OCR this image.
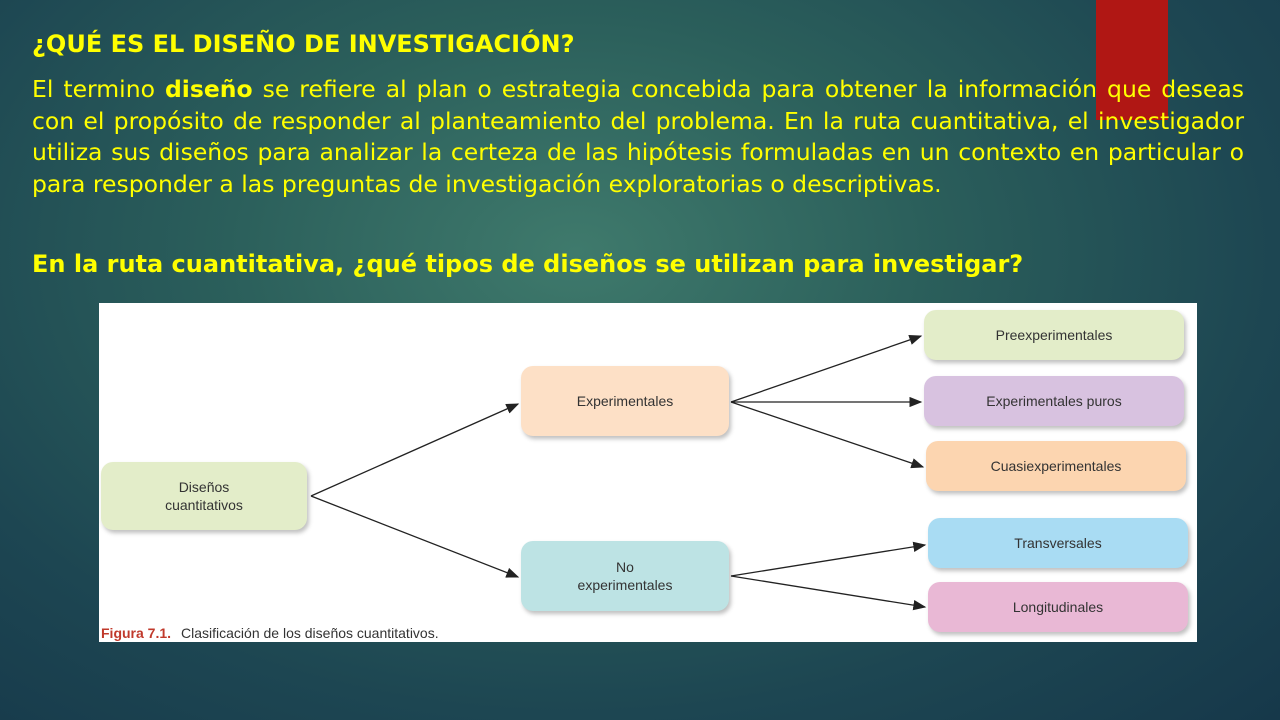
¿QUÉ ES EL DISEÑO DE INVESTIGACIÓN?

El termino diseño se refiere al plan o estrategia concebida para obtener la información que deseas con el propósito de responder al planteamiento del problema. En la ruta cuantitativa, el investigador utiliza sus diseños para analizar la certeza de las hipótesis formuladas en un contexto en particular o para responder a las preguntas de investigación exploratorias o descriptivas.

En la ruta cuantitativa, ¿qué tipos de diseños se utilizan para investigar?
Diseños
cuantitativos
Experimentales
No
experimentales
Preexperimentales
Experimentales puros
Cuasiexperimentales
Transversales
Longitudinales
Figura 7.1. Clasificación de los diseños cuantitativos.
